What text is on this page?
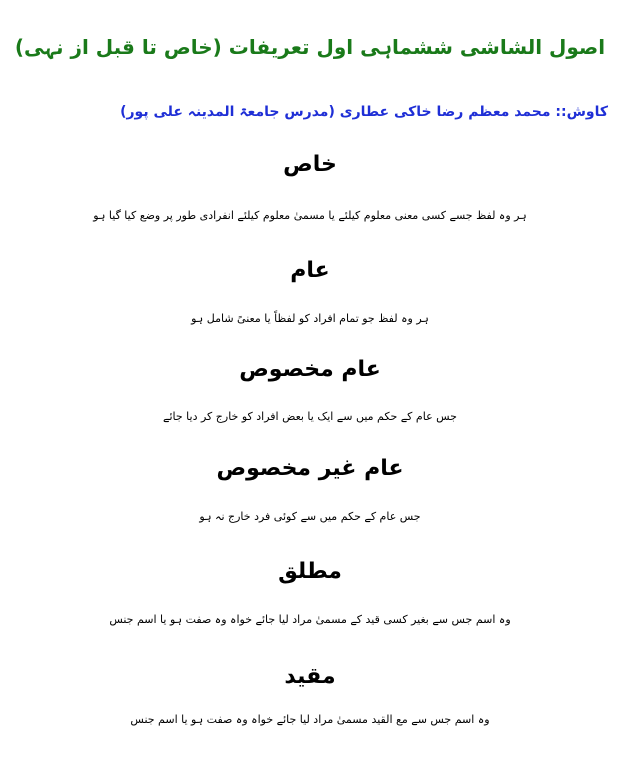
اصول الشاشی ششماہی اول تعریفات (خاص تا قبل از نہی)
کاوش:: محمد معظم رضا خاکی عطاری (مدرس جامعۃ المدینہ علی پور)
خاص
ہر وہ لفظ جسے کسی معنی معلوم کیلئے یا مسمیٰ معلوم کیلئے انفرادی طور پر وضع کیا گیا ہو
عام
ہر وہ لفظ جو تمام افراد کو لفظاً یا معنیً شامل ہو
عام مخصوص
جس عام کے حکم میں سے ایک یا بعض افراد کو خارج کر دیا جائے
عام غیر مخصوص
جس عام کے حکم میں سے کوئی فرد خارج نہ ہو
مطلق
وہ اسم جس سے بغیر کسی قید کے مسمیٰ مراد لیا جائے خواہ وہ صفت ہو یا اسم جنس
مقید
وہ اسم جس سے مع القید مسمیٰ مراد لیا جائے خواہ وہ صفت ہو یا اسم جنس
